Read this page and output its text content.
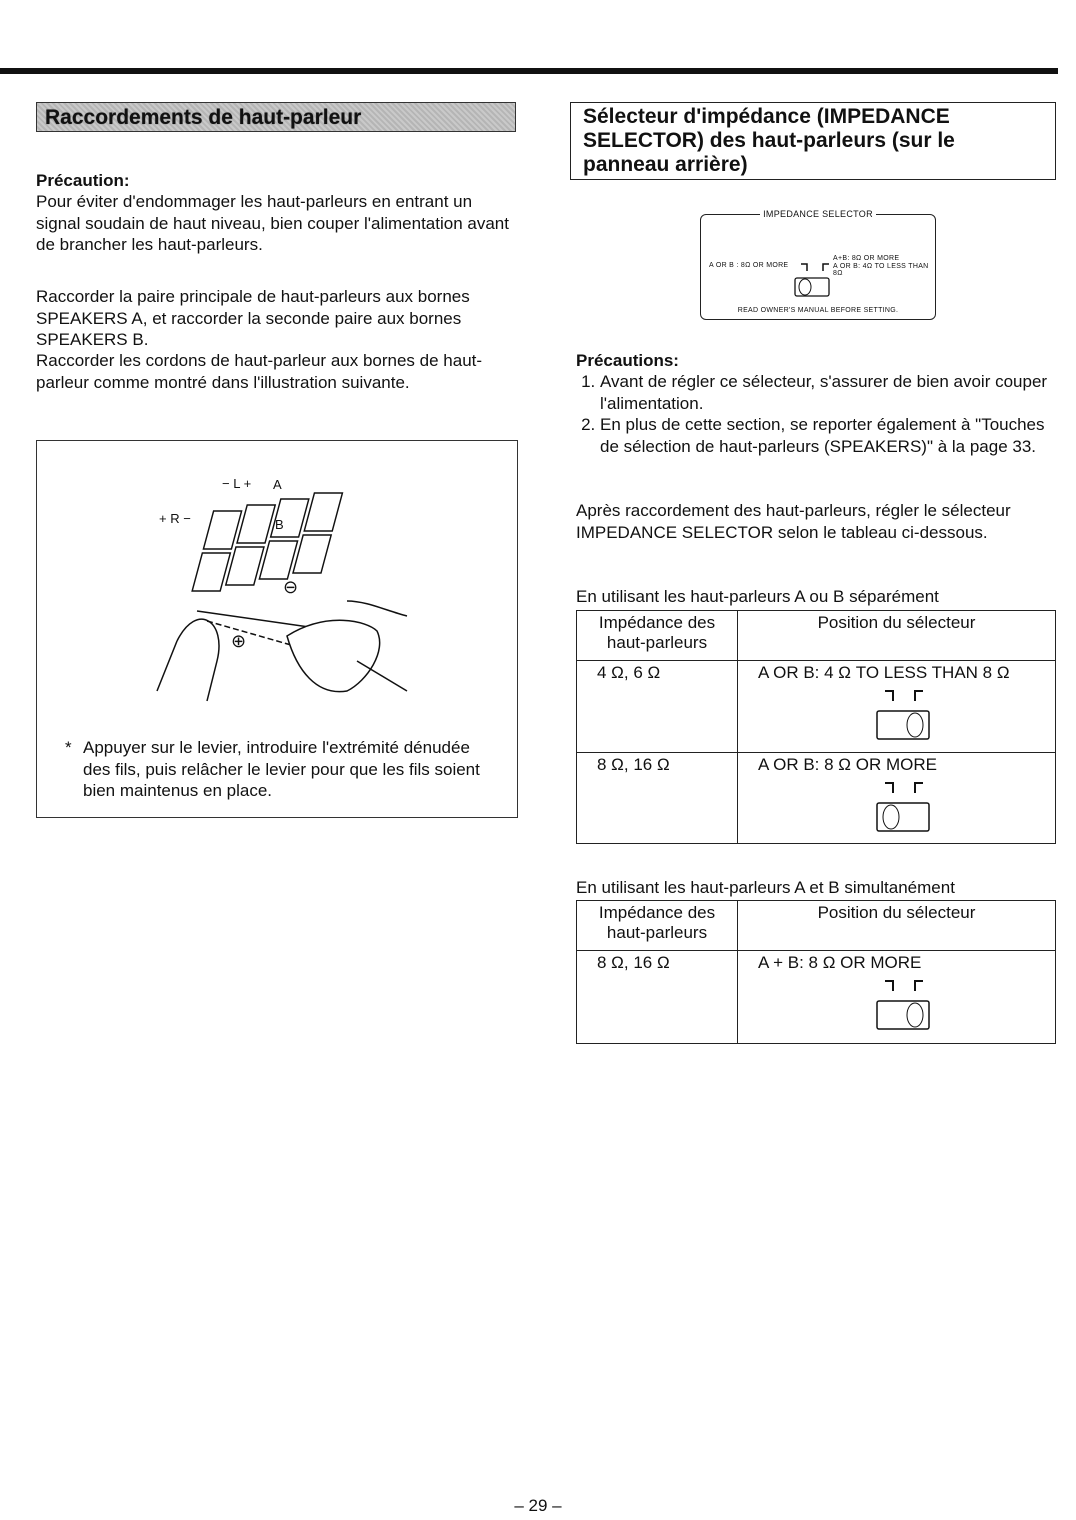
Raccordements de haut-parleur
Précaution:
Pour éviter d'endommager les haut-parleurs en entrant un signal soudain de haut niveau, bien couper l'alimentation avant de brancher les haut-parleurs.
Raccorder la paire principale de haut-parleurs aux bornes SPEAKERS A, et raccorder la seconde paire aux bornes SPEAKERS B.
Raccorder les cordons de haut-parleur aux bornes de haut-parleur comme montré dans l'illustration suivante.
+ R −
− L + A
B
⊖
⊕
* Appuyer sur le levier, introduire l'extrémité dénudée des fils, puis relâcher le levier pour que les fils soient bien maintenus en place.
Sélecteur d'impédance (IMPEDANCE SELECTOR) des haut-parleurs (sur le panneau arrière)
IMPEDANCE SELECTOR
A OR B : 8Ω OR MORE
A+B: 8Ω OR MORE
A OR B: 4Ω TO LESS THAN 8Ω
READ OWNER'S MANUAL BEFORE SETTING.
Précautions:
1. Avant de régler ce sélecteur, s'assurer de bien avoir couper l'alimentation.
2. En plus de cette section, se reporter également à "Touches de sélection de haut-parleurs (SPEAKERS)" à la page 33.
Après raccordement des haut-parleurs, régler le sélecteur IMPEDANCE SELECTOR selon le tableau ci-dessous.
En utilisant les haut-parleurs A ou B séparément
Impédance des haut-parleurs	Position du sélecteur
4 Ω, 6 Ω	A OR B: 4 Ω TO LESS THAN 8 Ω

8 Ω, 16 Ω	A OR B: 8 Ω OR MORE
En utilisant les haut-parleurs A et B simultanément
Impédance des haut-parleurs	Position du sélecteur
8 Ω, 16 Ω	A + B: 8 Ω OR MORE
– 29 –
